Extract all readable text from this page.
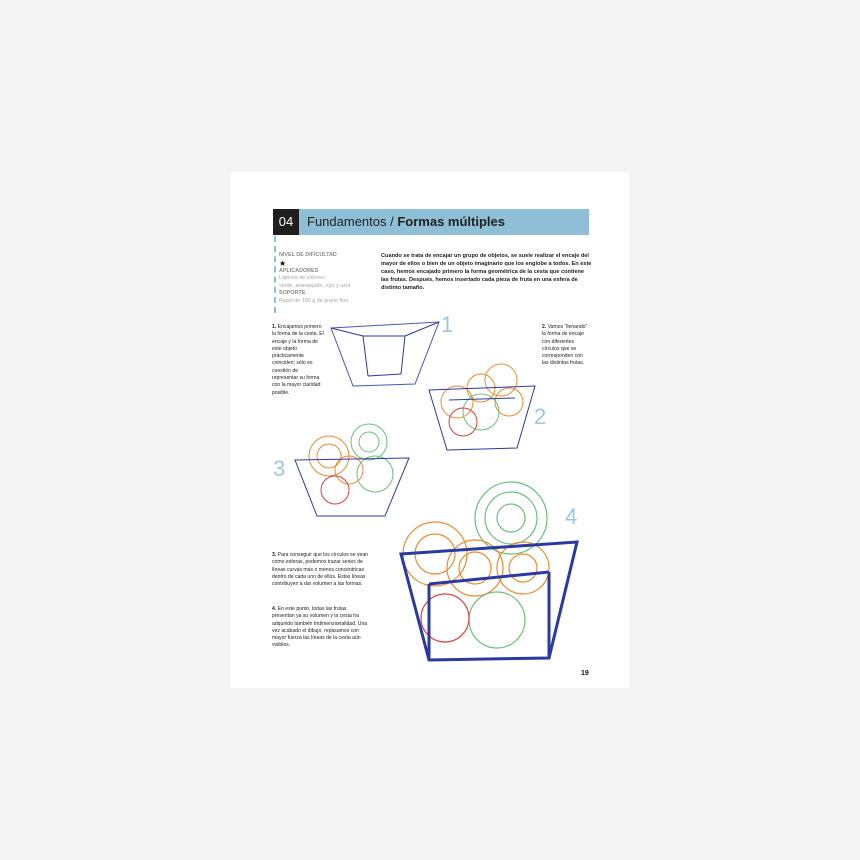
04	Fundamentos / Formas múltiples
NIVEL DE DIFICULTAD
★
APLICADORES
Lápices de colores:
verde, anaranjado, rojo y azul
SOPORTE
Papel de 180 g de grano fino
Cuando se trata de encajar un grupo de objetos, se suele realizar el encaje del mayor de ellos o bien de un objeto imaginario que los englobe a todos. En este caso, hemos encajado primero la forma geométrica de la cesta que contiene las frutas. Después, hemos insertado cada pieza de fruta en una esfera de distinto tamaño.
1. Encajamos primero la forma de la cesta. El encaje y la forma de este objeto prácticamente coinciden; sólo es cuestión de representar su forma con la mayor claridad posible.
2. Vamos “llenando” la forma de encaje con diferentes círculos que se corresponden con las distintas frutas.
3. Para conseguir que los círculos se vean como esferas, podemos trazar series de líneas curvas más o menos concéntricas dentro de cada uno de ellos. Estas líneas contribuyen a dar volumen a las formas.
4. En este punto, todas las frutas presentan ya su volumen y la cesta ha adquirido también tridimensionalidad. Una vez acabado el dibujo, repasamos con mayor fuerza las líneas de la cesta aún visibles.
1
2
3
4
19
